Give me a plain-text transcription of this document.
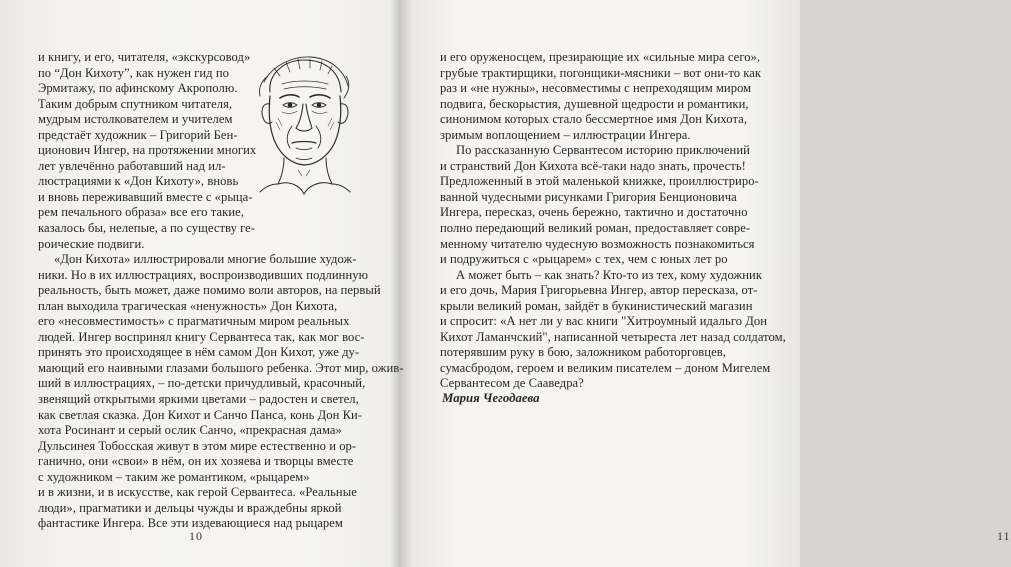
и книгу, и его, читателя, «экскурсовод»
по “Дон Кихоту”, как нужен гид по
Эрмитажу, по афинскому Акрополю.
Таким добрым спутником читателя,
мудрым истолкователем и учителем
предстаёт художник – Григорий Бен-
ционович Ингер, на протяжении многих
лет увлечённо работавший над ил-
люстрациями к «Дон Кихоту», вновь
и вновь переживавший вместе с «рыца-
рем печального образа» все его такие,
казалось бы, нелепые, а по существу ге-
роические подвиги.
«Дон Кихота» иллюстрировали многие большие худож-
ники. Но в их иллюстрациях, воспроизводивших подлинную
реальность, быть может, даже помимо воли авторов, на первый
план выходила трагическая «ненужность» Дон Кихота,
его «несовместимость» с прагматичным миром реальных
людей. Ингер воспринял книгу Сервантеса так, как мог вос-
принять это происходящее в нём самом Дон Кихот, уже ду-
мающий его наивными глазами большого ребенка. Этот мир, ожив-
ший в иллюстрациях, – по-детски причудливый, красочный,
звенящий открытыми яркими цветами – радостен и светел,
как светлая сказка. Дон Кихот и Санчо Панса, конь Дон Ки-
хота Росинант и серый ослик Санчо, «прекрасная дама»
Дульсинея Тобосская живут в этом мире естественно и ор-
ганично, они «свои» в нём, он их хозяева и творцы вместе
с художником – таким же романтиком, «рыцарем»
и в жизни, и в искусстве, как герой Сервантеса. «Реальные
люди», прагматики и дельцы чужды и враждебны яркой
фантастике Ингера. Все эти издевающиеся над рыцарем
10
и его оруженосцем, презирающие их «сильные мира сего»,
грубые трактирщики, погонщики-мясники – вот они-то как
раз и «не нужны», несовместимы с непреходящим миром
подвига, бескорыстия, душевной щедрости и романтики,
синонимом которых стало бессмертное имя Дон Кихота,
зримым воплощением – иллюстрации Ингера.
По рассказанную Сервантесом историю приключений
и странствий Дон Кихота всё-таки надо знать, прочесть!
Предложенный в этой маленькой книжке, проиллюстриро-
ванной чудесными рисунками Григория Бенционовича
Ингера, пересказ, очень бережно, тактично и достаточно
полно передающий великий роман, предоставляет совре-
менному читателю чудесную возможность познакомиться
и подружиться с «рыцарем» с тех, чем с юных лет ро
А может быть – как знать? Кто-то из тех, кому художник
и его дочь, Мария Григорьевна Ингер, автор пересказа, от-
крыли великий роман, зайдёт в букинистический магазин
и спросит: «А нет ли у вас книги "Хитроумный идальго Дон
Кихот Ламанчский", написанной четыреста лет назад солдатом,
потерявшим руку в бою, заложником работорговцев,
сумасбродом, героем и великим писателем – доном Мигелем
Сервантесом де Сааведра?
11
Мария Чегодаева
